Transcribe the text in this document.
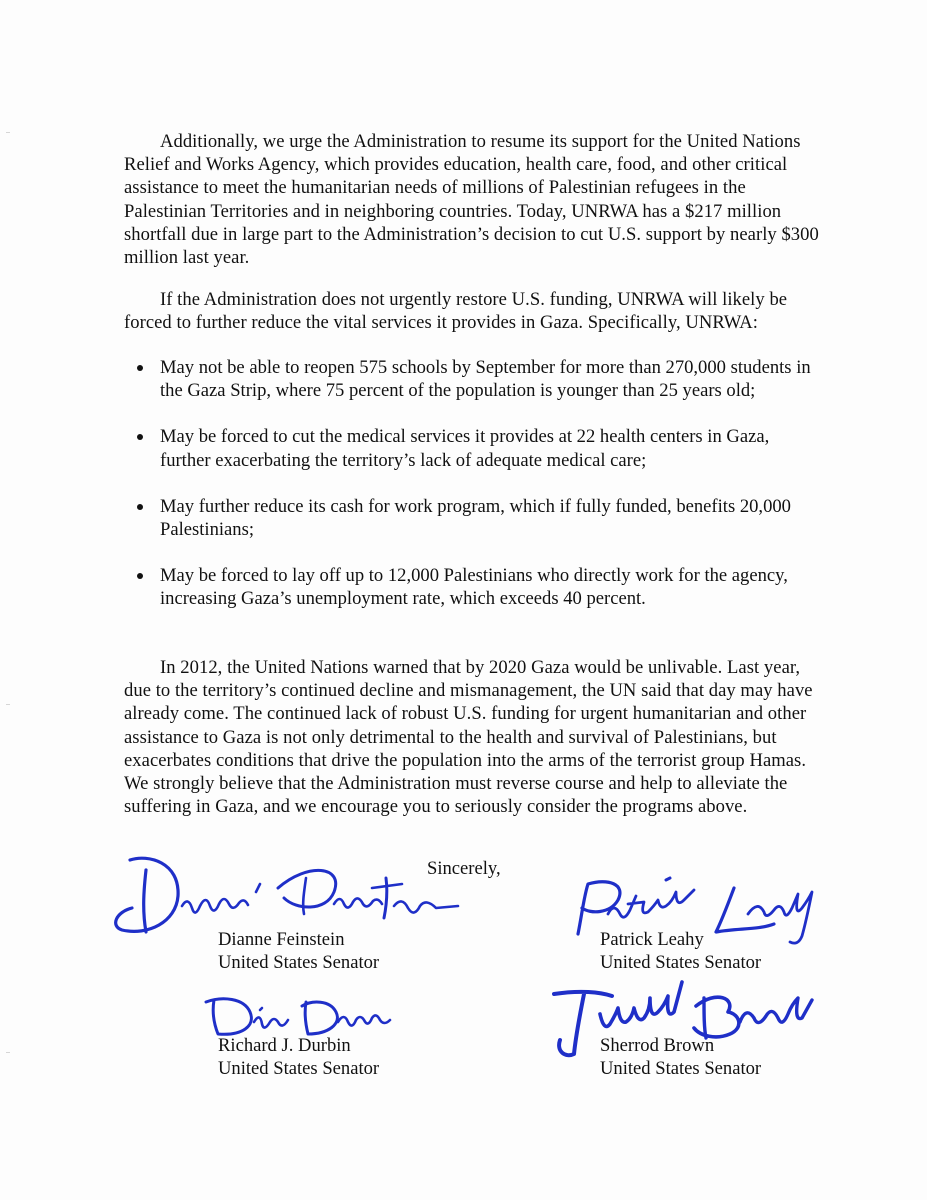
Additionally, we urge the Administration to resume its support for the United Nations Relief and Works Agency, which provides education, health care, food, and other critical assistance to meet the humanitarian needs of millions of Palestinian refugees in the Palestinian Territories and in neighboring countries. Today, UNRWA has a $217 million shortfall due in large part to the Administration’s decision to cut U.S. support by nearly $300 million last year.

If the Administration does not urgently restore U.S. funding, UNRWA will likely be forced to further reduce the vital services it provides in Gaza. Specifically, UNRWA:

May not be able to reopen 575 schools by September for more than 270,000 students in the Gaza Strip, where 75 percent of the population is younger than 25 years old;
May be forced to cut the medical services it provides at 22 health centers in Gaza, further exacerbating the territory’s lack of adequate medical care;
May further reduce its cash for work program, which if fully funded, benefits 20,000 Palestinians;
May be forced to lay off up to 12,000 Palestinians who directly work for the agency, increasing Gaza’s unemployment rate, which exceeds 40 percent.

In 2012, the United Nations warned that by 2020 Gaza would be unlivable. Last year, due to the territory’s continued decline and mismanagement, the UN said that day may have already come. The continued lack of robust U.S. funding for urgent humanitarian and other assistance to Gaza is not only detrimental to the health and survival of Palestinians, but exacerbates conditions that drive the population into the arms of the terrorist group Hamas. We strongly believe that the Administration must reverse course and help to alleviate the suffering in Gaza, and we encourage you to seriously consider the programs above.

Sincerely,
Dianne Feinstein
United States Senator
Patrick Leahy
United States Senator
Richard J. Durbin
United States Senator
Sherrod Brown
United States Senator
